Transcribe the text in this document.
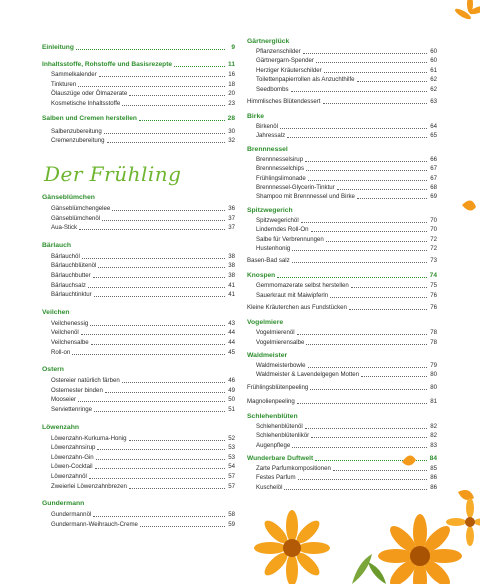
Einleitung	9
Inhaltsstoffe, Rohstoffe und Basisrezepte	11
Sammelkalender	16
Tinkturen	18
Ölauszüge oder Ölmazerate	20
Kosmetische Inhaltsstoffe	23
Salben und Cremen herstellen	28
Salbenzubereitung	30
Cremenzubereitung	32
Gänseblümchen
Gänseblümchengelee	36
Gänseblümchenöl	37
Aua-Stick	37
Bärlauch
Bärlauchöl	38
Bärlauchblütenöl	38
Bärlauchbutter	38
Bärlauchsalz	41
Bärlauchtinktur	41
Veilchen
Veilchenessig	43
Veilchenöl	44
Veilchensalbe	44
Roll-on	45
Ostern
Ostereier natürlich färben	46
Osternester binden	49
Mooseier	50
Serviettenringe	51
Löwenzahn
Löwenzahn-Kurkuma-Honig	52
Löwenzahnsirup	53
Löwenzahn-Gin	53
Löwen-Cocktail	54
Löwenzahnöl	57
Zweierlei Löwenzahnbrezen	57
Gundermann
Gundermannöl	58
Gundermann-Weihrauch-Creme	59
Der Frühling
Gärtnerglück
Pflanzenschilder	60
Gärtnergarn-Spender	60
Herziger Kräuterschilder	61
Toilettenpapierrollen als Anzuchthilfe	62
Seedbombs	62
Himmlisches Blütendessert	63
Birke
Birkenöl	64
Jahressalz	65
Brennnessel
Brennnesselsirup	66
Brennnesselchips	67
Frühlingslimonade	67
Brennnessel-Glycerin-Tinktur	68
Shampoo mit Brennnessel und Birke	69
Spitzwegerich
Spitzwegerichöl	70
Linderndes Roll-On	70
Salbe für Verbrennungen	72
Hustenhonig	72
Basen-Bad salz	73
Knospen	74
Gemmomazerate selbst herstellen	75
Sauerkraut mit Maiwipferln	76
Kleine Kräuterchen aus Fundstücken	76
Vogelmiere
Vogelmierenöl	78
Vogelmierensalbe	78
Waldmeister
Waldmeisterbowle	79
Waldmeister & Lavendelgegen Motten	80
Frühlingsblütenpeeling	80
Magnolienpeeling	81
Schlehenblüten
Schlehenblütenöl	82
Schlehenblütenlikör	82
Augenpflege	83
Wunderbare Duftwelt	84
Zarte Parfumkompositionen	85
Festes Parfum	86
Kuschelöl	86
